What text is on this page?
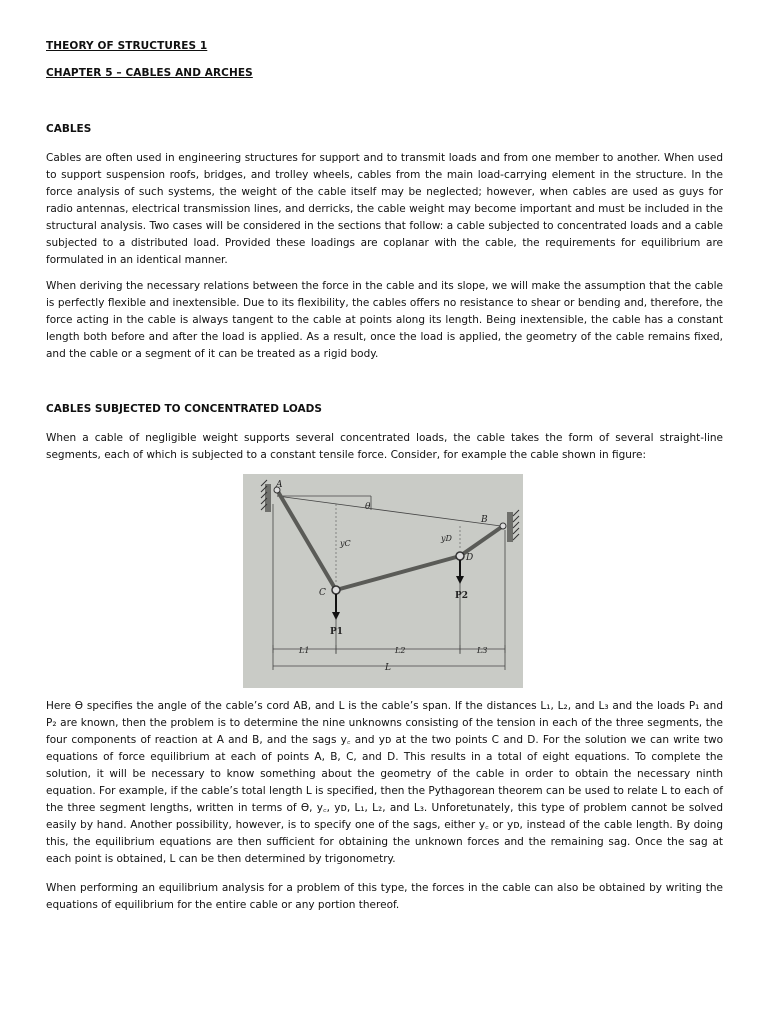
THEORY OF STRUCTURES 1
CHAPTER 5 – CABLES AND ARCHES
CABLES
Cables are often used in engineering structures for support and to transmit loads and from one member to another. When used to support suspension roofs, bridges, and trolley wheels, cables from the main load-carrying element in the structure. In the force analysis of such systems, the weight of the cable itself may be neglected; however, when cables are used as guys for radio antennas, electrical transmission lines, and derricks, the cable weight may become important and must be included in the structural analysis. Two cases will be considered in the sections that follow: a cable subjected to concentrated loads and a cable subjected to a distributed load. Provided these loadings are coplanar with the cable, the requirements for equilibrium are formulated in an identical manner.
When deriving the necessary relations between the force in the cable and its slope, we will make the assumption that the cable is perfectly flexible and inextensible. Due to its flexibility, the cables offers no resistance to shear or bending and, therefore, the force acting in the cable is always tangent to the cable at points along its length. Being inextensible, the cable has a constant length both before and after the load is applied. As a result, once the load is applied, the geometry of the cable remains fixed, and the cable or a segment of it can be treated as a rigid body.
CABLES SUBJECTED TO CONCENTRATED LOADS
When a cable of negligible weight supports several concentrated loads, the cable takes the form of several straight-line segments, each of which is subjected to a constant tensile force. Consider, for example the cable shown in figure:
A
B
C
D
θ
yC
yD
P1
P2
L1	L2	L3
L
Here ϴ specifies the angle of the cable’s cord AB, and L is the cable’s span. If the distances L₁, L₂, and L₃ and the loads P₁ and P₂ are known, then the problem is to determine the nine unknowns consisting of the tension in each of the three segments, the four components of reaction at A and B, and the sags y꜀ and yᴅ at the two points C and D. For the solution we can write two equations of force equilibrium at each of points A, B, C, and D. This results in a total of eight equations. To complete the solution, it will be necessary to know something about the geometry of the cable in order to obtain the necessary ninth equation. For example, if the cable’s total length L is specified, then the Pythagorean theorem can be used to relate L to each of the three segment lengths, written in terms of ϴ, y꜀, yᴅ, L₁, L₂, and L₃. Unforetunately, this type of problem cannot be solved easily by hand. Another possibility, however, is to specify one of the sags, either y꜀ or yᴅ, instead of the cable length. By doing this, the equilibrium equations are then sufficient for obtaining the unknown forces and the remaining sag. Once the sag at each point is obtained, L can be then determined by trigonometry.
When performing an equilibrium analysis for a problem of this type, the forces in the cable can also be obtained by writing the equations of equilibrium for the entire cable or any portion thereof.
